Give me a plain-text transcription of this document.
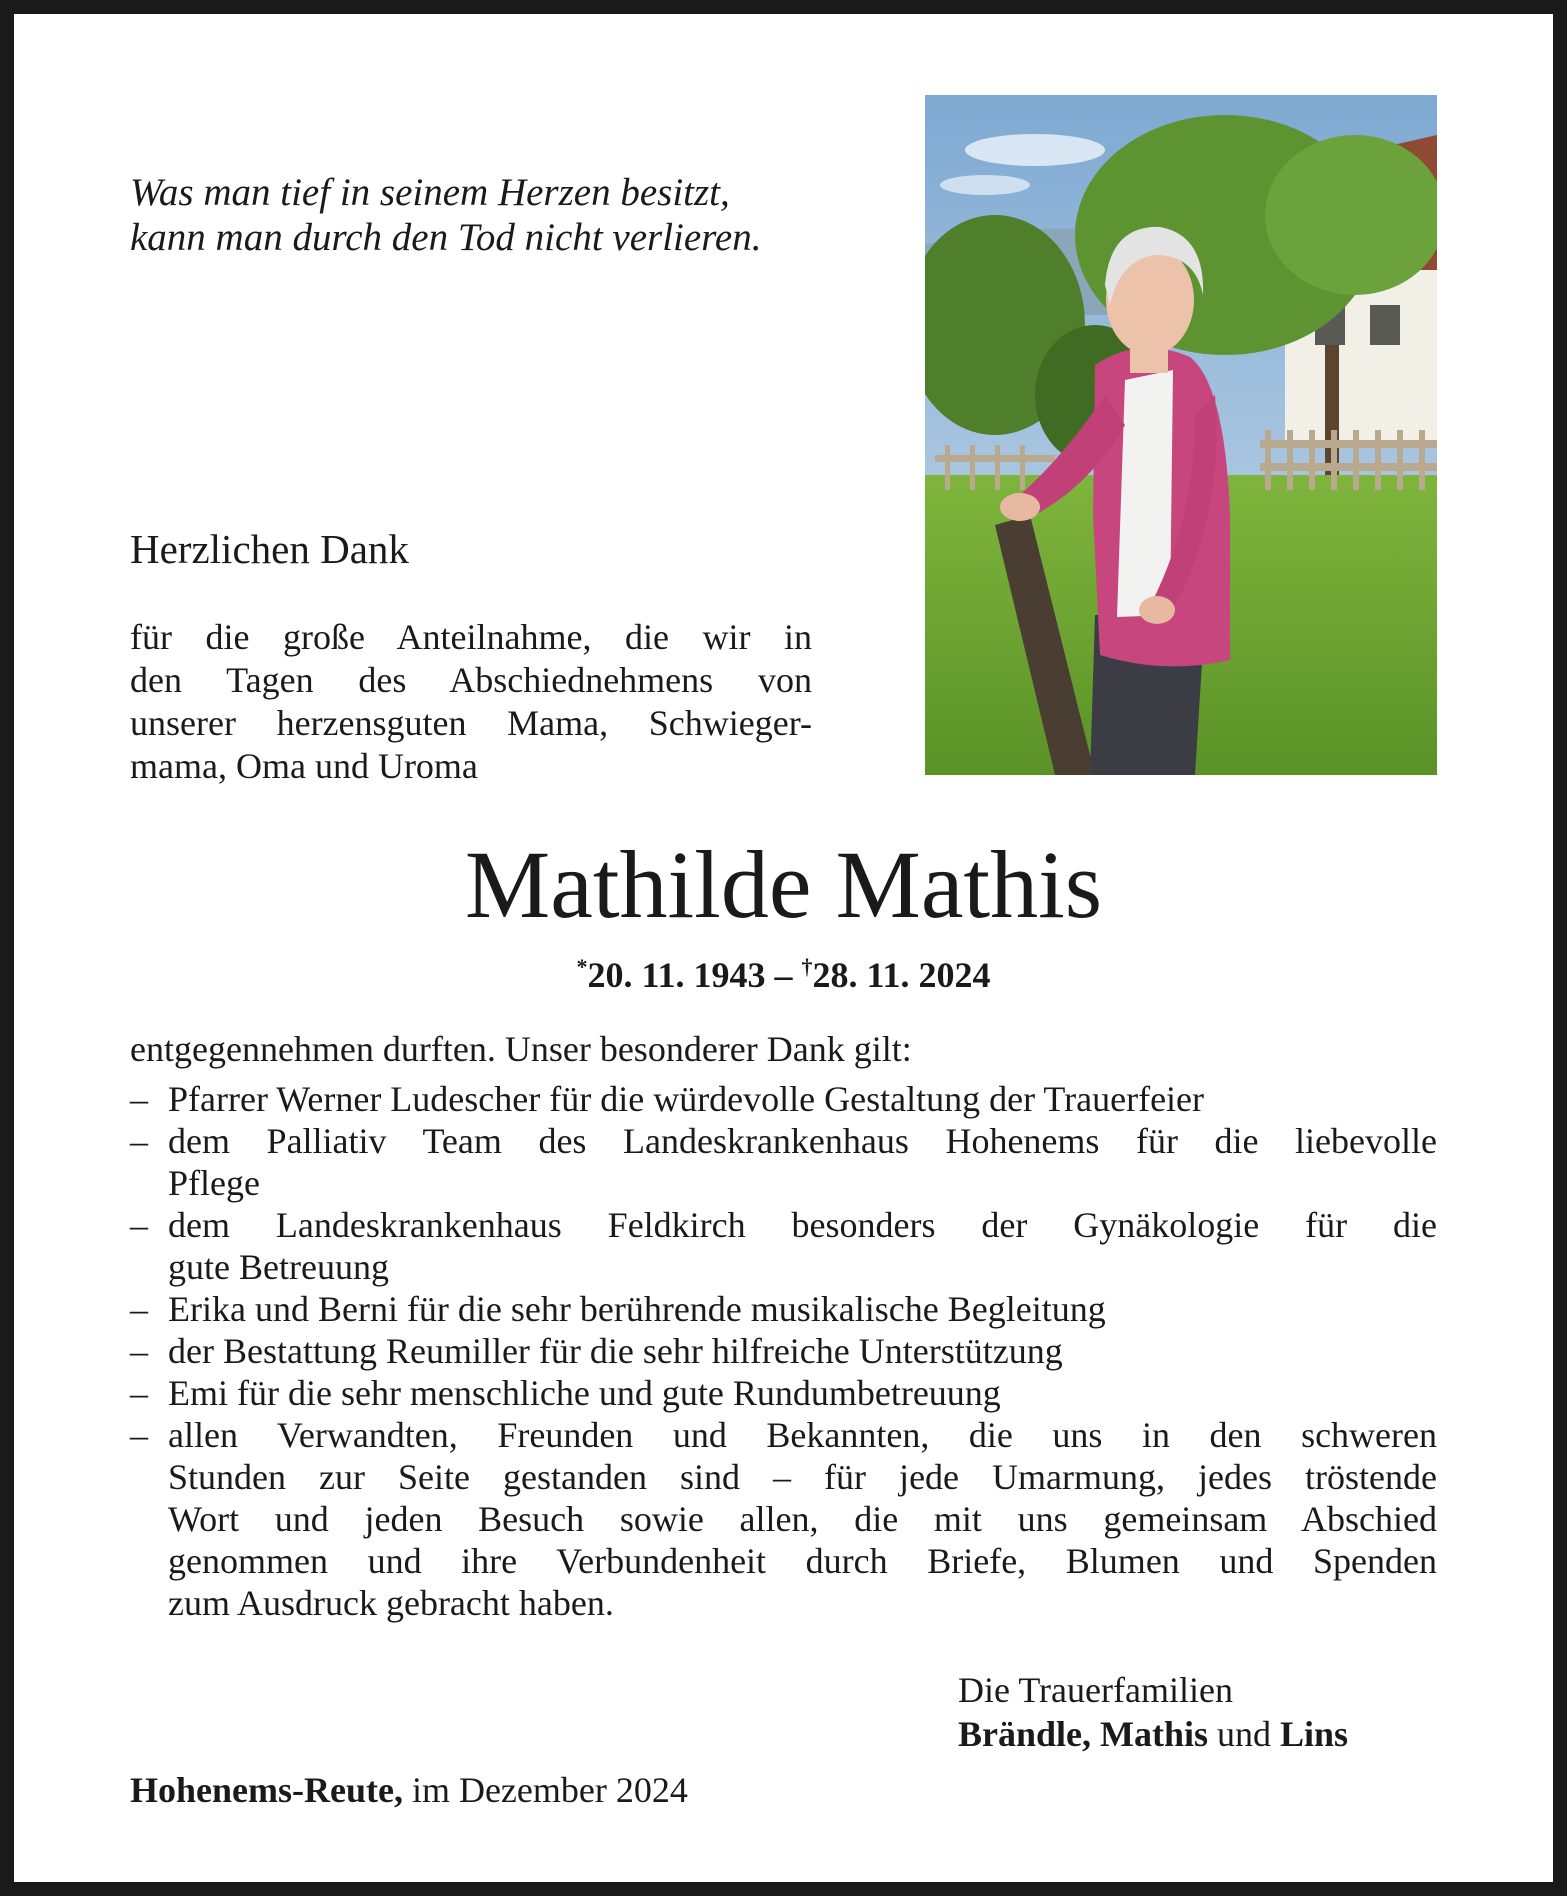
Was man tief in seinem Herzen besitzt,
kann man durch den Tod nicht verlieren.
Herzlichen Dank
für die große Anteilnahme, die wir in
den Tagen des Abschiednehmens von
unserer herzensguten Mama, Schwieger-
mama, Oma und Uroma
Mathilde Mathis
*20. 11. 1943 – †28. 11. 2024
entgegennehmen durften. Unser besonderer Dank gilt:
– Pfarrer Werner Ludescher für die würdevolle Gestaltung der Trauerfeier
– dem Palliativ Team des Landeskrankenhaus Hohenems für die liebevolle
Pflege
– dem Landeskrankenhaus Feldkirch besonders der Gynäkologie für die
gute Betreuung
– Erika und Berni für die sehr berührende musikalische Begleitung
– der Bestattung Reumiller für die sehr hilfreiche Unterstützung
– Emi für die sehr menschliche und gute Rundumbetreuung
– allen Verwandten, Freunden und Bekannten, die uns in den schweren
Stunden zur Seite gestanden sind – für jede Umarmung, jedes tröstende
Wort und jeden Besuch sowie allen, die mit uns gemeinsam Abschied
genommen und ihre Verbundenheit durch Briefe, Blumen und Spenden
zum Ausdruck gebracht haben.
Die Trauerfamilien
Brändle, Mathis und Lins
Hohenems-Reute, im Dezember 2024
